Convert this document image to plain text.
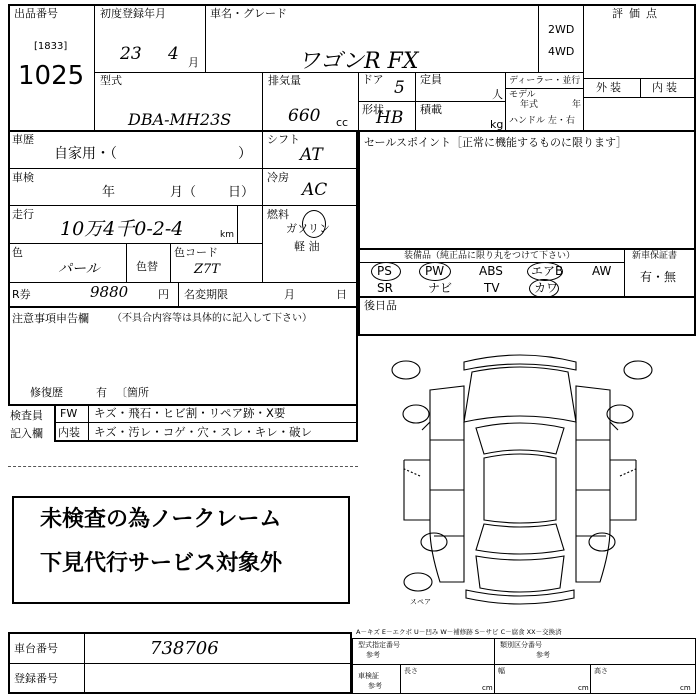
出品番号
[1833]
1025
初度登録年月
23 4 月
車名・グレード
ワゴンR FX
2WD
4WD
評価点
型式
DBA-MH23S
排気量
660 cc
ドア 5 定員
人
ディーラー・並行
モデル
年式	年
ハンドル 左・右
形状
HB 積載
kg
外装	内装
車歴
自家用・（	）
シフト
AT
車検
年	月（ 日）
冷房
AC
走行
10万4千0-2-4	km
燃料
ガソリン
軽 油
色
パール	色替
色コード
Z7T
R券	9880	円 名変期限	月	日
注意事項申告欄 （不具合内容等は具体的に記入して下さい）
修復歴	有 〔箇所
検査員
記入欄
FW キズ・飛石・ヒビ割・リペア跡・X要
内装 キズ・汚レ・コゲ・穴・スレ・キレ・破レ
未検査の為ノークレーム
下見代行サービス対象外
セールスポイント［正常に機能するものに限ります］
装備品（純正品に限り丸をつけて下さい）	新車保証書
有・無
PS	PW	ABS エアB AW
SR	ナビ	TV	カワ
後日品
スペア
車台番号	738706
登録番号
A－キズ E－エクボ U－凹み W－補修跡 S－サビ C－腐食 XX－交換済
型式指定番号
参考
類別区分番号
参考
車検証
参考
長さ
cm
幅
cm
高さ
cm
